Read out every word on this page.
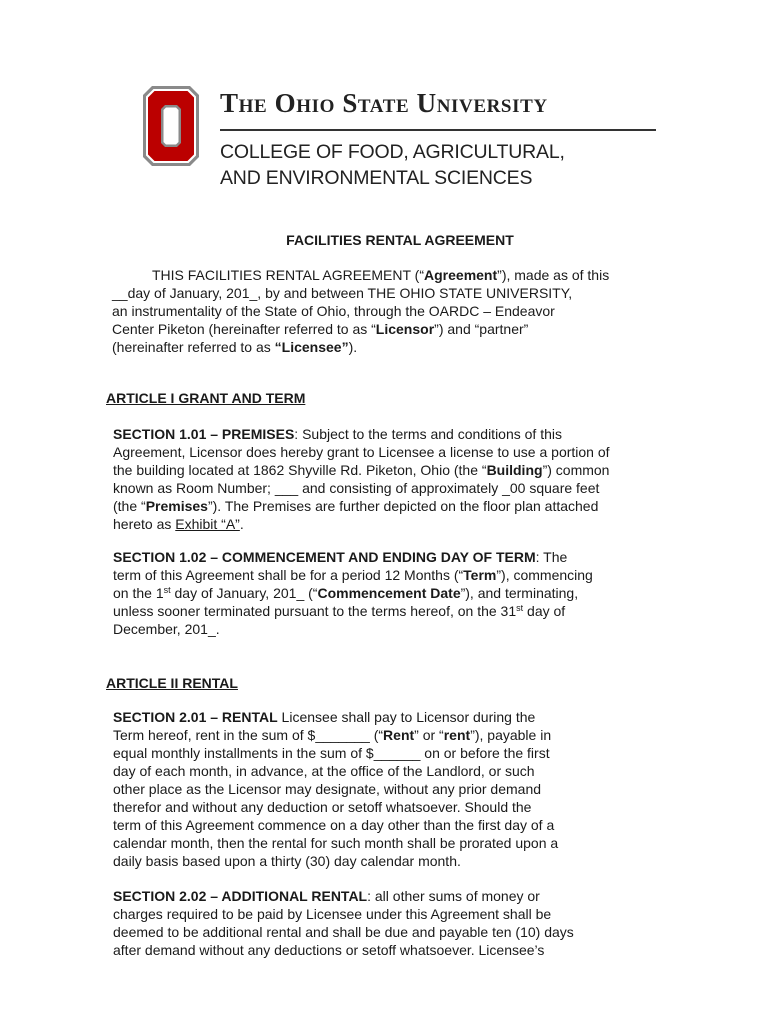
The Ohio State University
COLLEGE OF FOOD, AGRICULTURAL,
AND ENVIRONMENTAL SCIENCES
FACILITIES RENTAL AGREEMENT
THIS FACILITIES RENTAL AGREEMENT (“Agreement”), made as of this
__day of January, 201_, by and between THE OHIO STATE UNIVERSITY,
an instrumentality of the State of Ohio, through the OARDC – Endeavor
Center Piketon (hereinafter referred to as “Licensor”) and “partner”
(hereinafter referred to as “Licensee”).
ARTICLE I GRANT AND TERM
SECTION 1.01 – PREMISES: Subject to the terms and conditions of this
Agreement, Licensor does hereby grant to Licensee a license to use a portion of
the building located at 1862 Shyville Rd. Piketon, Ohio (the “Building”) common
known as Room Number; ___ and consisting of approximately _00 square feet
(the “Premises”). The Premises are further depicted on the floor plan attached
hereto as Exhibit “A”.
SECTION 1.02 – COMMENCEMENT AND ENDING DAY OF TERM: The
term of this Agreement shall be for a period 12 Months (“Term”), commencing
on the 1st day of January, 201_ (“Commencement Date”), and terminating,
unless sooner terminated pursuant to the terms hereof, on the 31st day of
December, 201_.
ARTICLE II RENTAL
SECTION 2.01 – RENTAL Licensee shall pay to Licensor during the
Term hereof, rent in the sum of $_______ (“Rent” or “rent”), payable in
equal monthly installments in the sum of $______ on or before the first
day of each month, in advance, at the office of the Landlord, or such
other place as the Licensor may designate, without any prior demand
therefor and without any deduction or setoff whatsoever. Should the
term of this Agreement commence on a day other than the first day of a
calendar month, then the rental for such month shall be prorated upon a
daily basis based upon a thirty (30) day calendar month.
SECTION 2.02 – ADDITIONAL RENTAL: all other sums of money or
charges required to be paid by Licensee under this Agreement shall be
deemed to be additional rental and shall be due and payable ten (10) days
after demand without any deductions or setoff whatsoever. Licensee’s
